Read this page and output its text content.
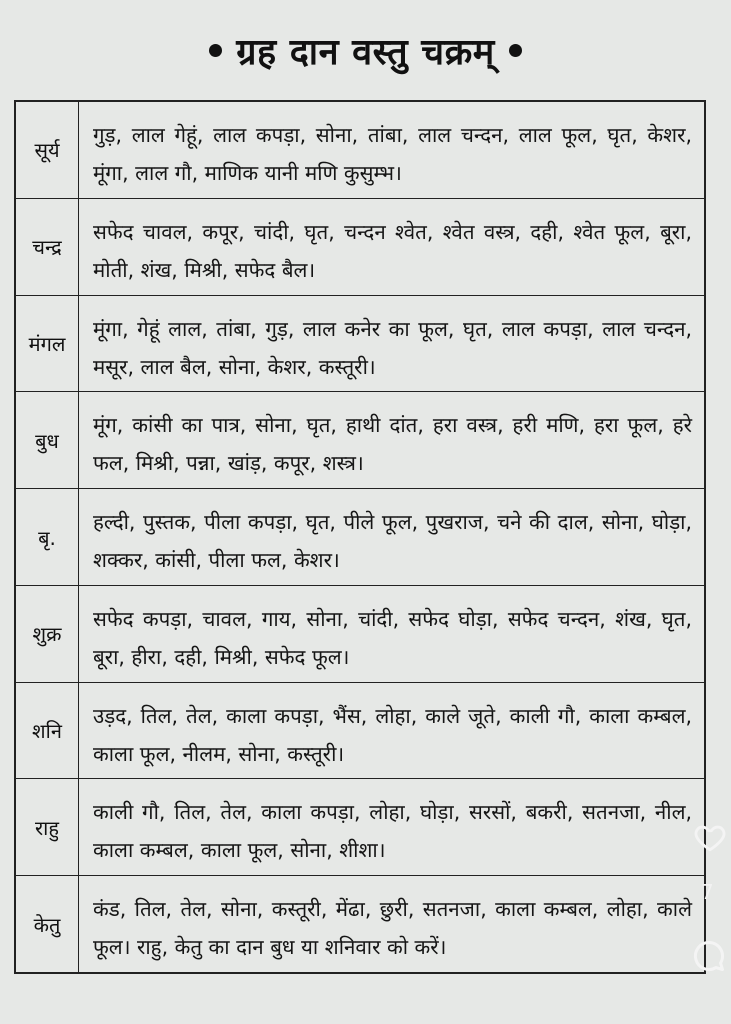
ग्रह दान वस्तु चक्रम्
सूर्य
गुड़, लाल गेहूं, लाल कपड़ा, सोना, तांबा, लाल चन्दन, लाल फूल, घृत, केशर, मूंगा, लाल गौ, माणिक यानी मणि कुसुम्भ।
चन्द्र
सफेद चावल, कपूर, चांदी, घृत, चन्दन श्वेत, श्वेत वस्त्र, दही, श्वेत फूल, बूरा, मोती, शंख, मिश्री, सफेद बैल।
मंगल
मूंगा, गेहूं लाल, तांबा, गुड़, लाल कनेर का फूल, घृत, लाल कपड़ा, लाल चन्दन, मसूर, लाल बैल, सोना, केशर, कस्तूरी।
बुध
मूंग, कांसी का पात्र, सोना, घृत, हाथी दांत, हरा वस्त्र, हरी मणि, हरा फूल, हरे फल, मिश्री, पन्ना, खांड़, कपूर, शस्त्र।
बृ.
हल्दी, पुस्तक, पीला कपड़ा, घृत, पीले फूल, पुखराज, चने की दाल, सोना, घोड़ा, शक्कर, कांसी, पीला फल, केशर।
शुक्र
सफेद कपड़ा, चावल, गाय, सोना, चांदी, सफेद घोड़ा, सफेद चन्दन, शंख, घृत, बूरा, हीरा, दही, मिश्री, सफेद फूल।
शनि
उड़द, तिल, तेल, काला कपड़ा, भैंस, लोहा, काले जूते, काली गौ, काला कम्बल, काला फूल, नीलम, सोना, कस्तूरी।
राहु
काली गौ, तिल, तेल, काला कपड़ा, लोहा, घोड़ा, सरसों, बकरी, सतनजा, नील, काला कम्बल, काला फूल, सोना, शीशा।
केतु
कंड, तिल, तेल, सोना, कस्तूरी, मेंढा, छुरी, सतनजा, काला कम्बल, लोहा, काले फूल। राहु, केतु का दान बुध या शनिवार को करें।
7
